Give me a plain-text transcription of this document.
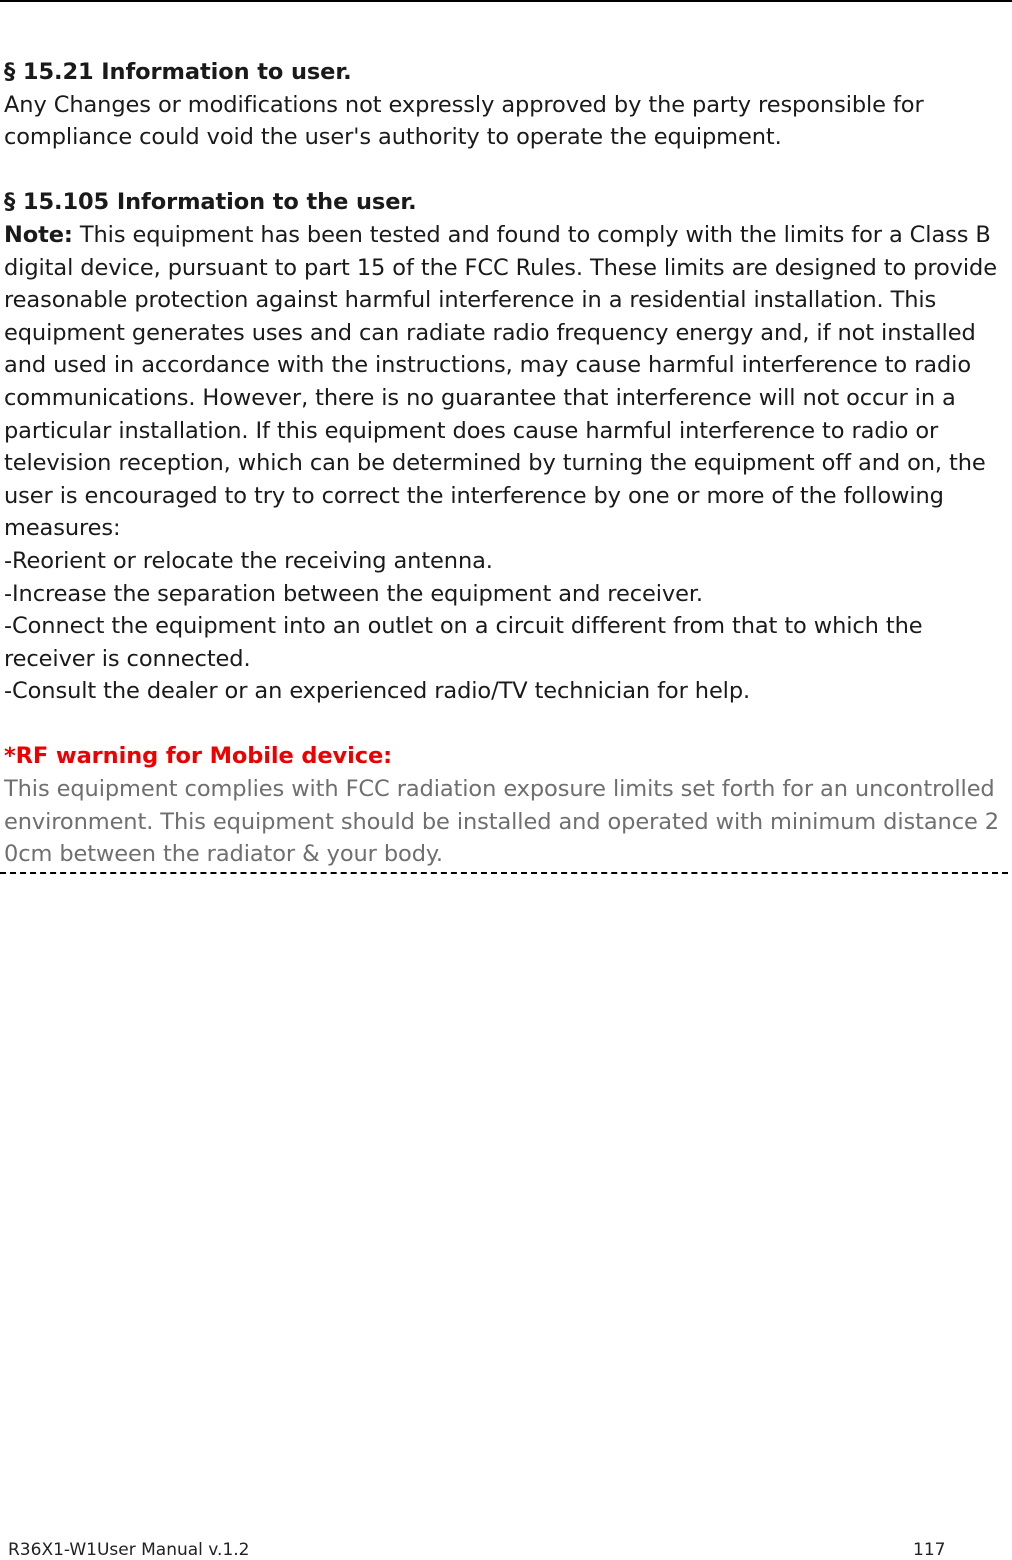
§ 15.21 Information to user.

Any Changes or modifications not expressly approved by the party responsible for compliance could void the user's authority to operate the equipment.

§ 15.105 Information to the user.

Note: This equipment has been tested and found to comply with the limits for a Class B digital device, pursuant to part 15 of the FCC Rules. These limits are designed to provide reasonable protection against harmful interference in a residential installation. This equipment generates uses and can radiate radio frequency energy and, if not installed and used in accordance with the instructions, may cause harmful interference to radio communications. However, there is no guarantee that interference will not occur in a particular installation. If this equipment does cause harmful interference to radio or television reception, which can be determined by turning the equipment off and on, the user is encouraged to try to correct the interference by one or more of the following measures:

-Reorient or relocate the receiving antenna.

-Increase the separation between the equipment and receiver.

-Connect the equipment into an outlet on a circuit different from that to which the receiver is connected.

-Consult the dealer or an experienced radio/TV technician for help.

*RF warning for Mobile device:

This equipment complies with FCC radiation exposure limits set forth for an uncontrolled environment. This equipment should be installed and operated with minimum distance 20cm between the radiator & your body.

R36X1-W1User Manual v.1.2	117
